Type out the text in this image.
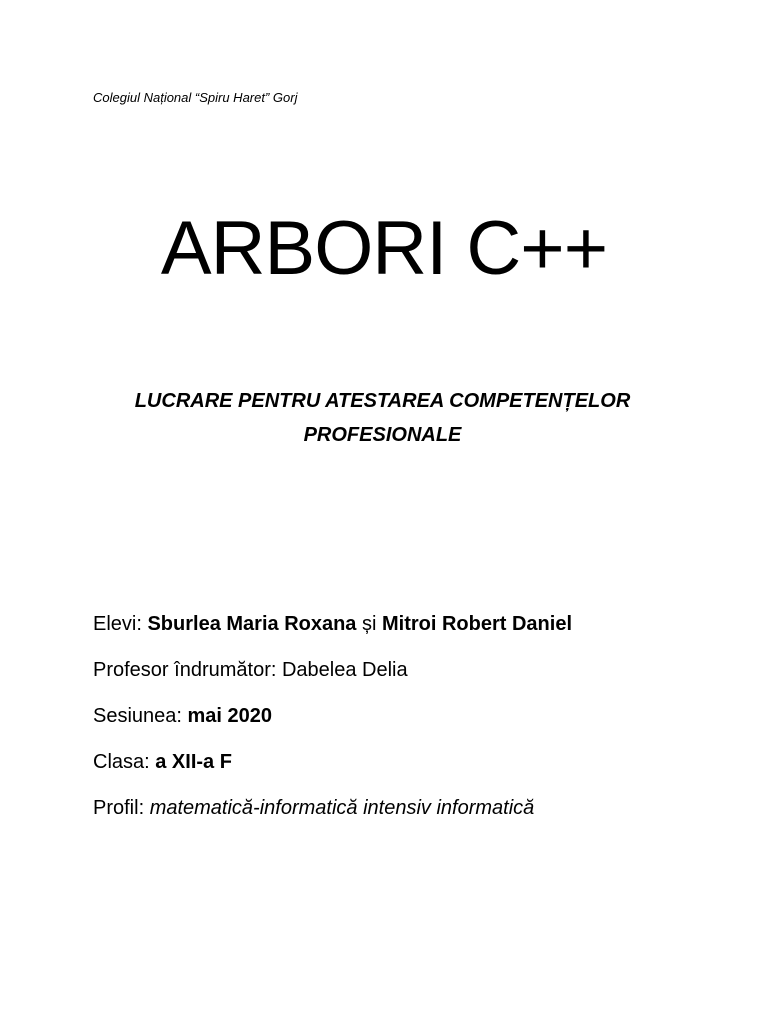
Colegiul Național “Spiru Haret” Gorj
ARBORI C++
LUCRARE PENTRU ATESTAREA COMPETENȚELOR
PROFESIONALE
Elevi: Sburlea Maria Roxana și Mitroi Robert Daniel
Profesor îndrumător: Dabelea Delia
Sesiunea: mai 2020
Clasa: a XII-a F
Profil: matematică-informatică intensiv informatică
